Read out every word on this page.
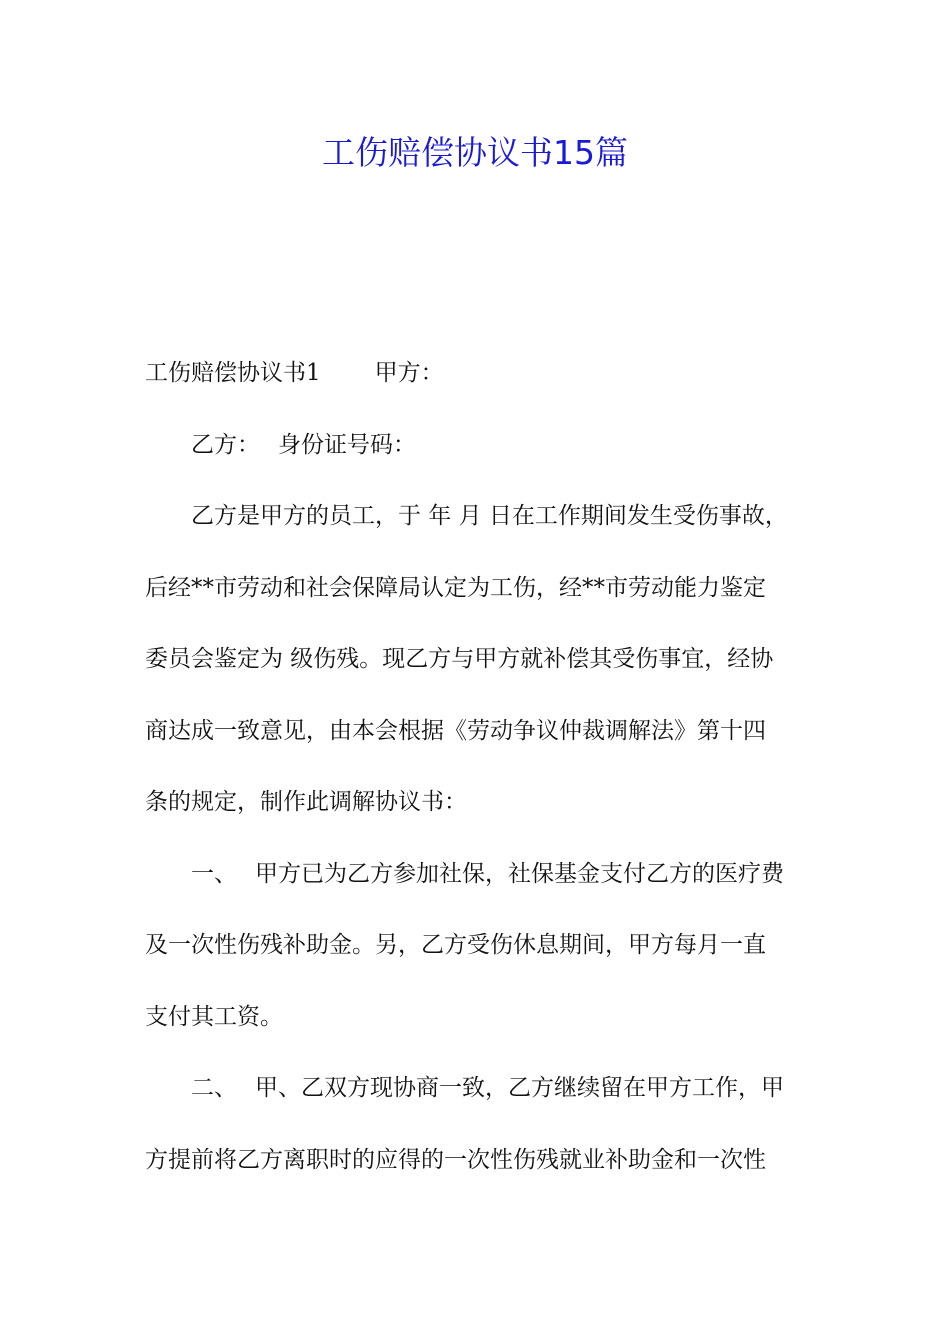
工伤赔偿协议书15篇
工伤赔偿协议书1 甲方：
乙方： 身份证号码：
乙方是甲方的员工，于 年 月 日在工作期间发生受伤事故，
后经**市劳动和社会保障局认定为工伤，经**市劳动能力鉴定
委员会鉴定为 级伤残。现乙方与甲方就补偿其受伤事宜，经协
商达成一致意见，由本会根据《劳动争议仲裁调解法》第十四
条的规定，制作此调解协议书：
一、 甲方已为乙方参加社保，社保基金支付乙方的医疗费
及一次性伤残补助金。另，乙方受伤休息期间，甲方每月一直
支付其工资。
二、 甲、乙双方现协商一致，乙方继续留在甲方工作，甲
方提前将乙方离职时的应得的一次性伤残就业补助金和一次性
